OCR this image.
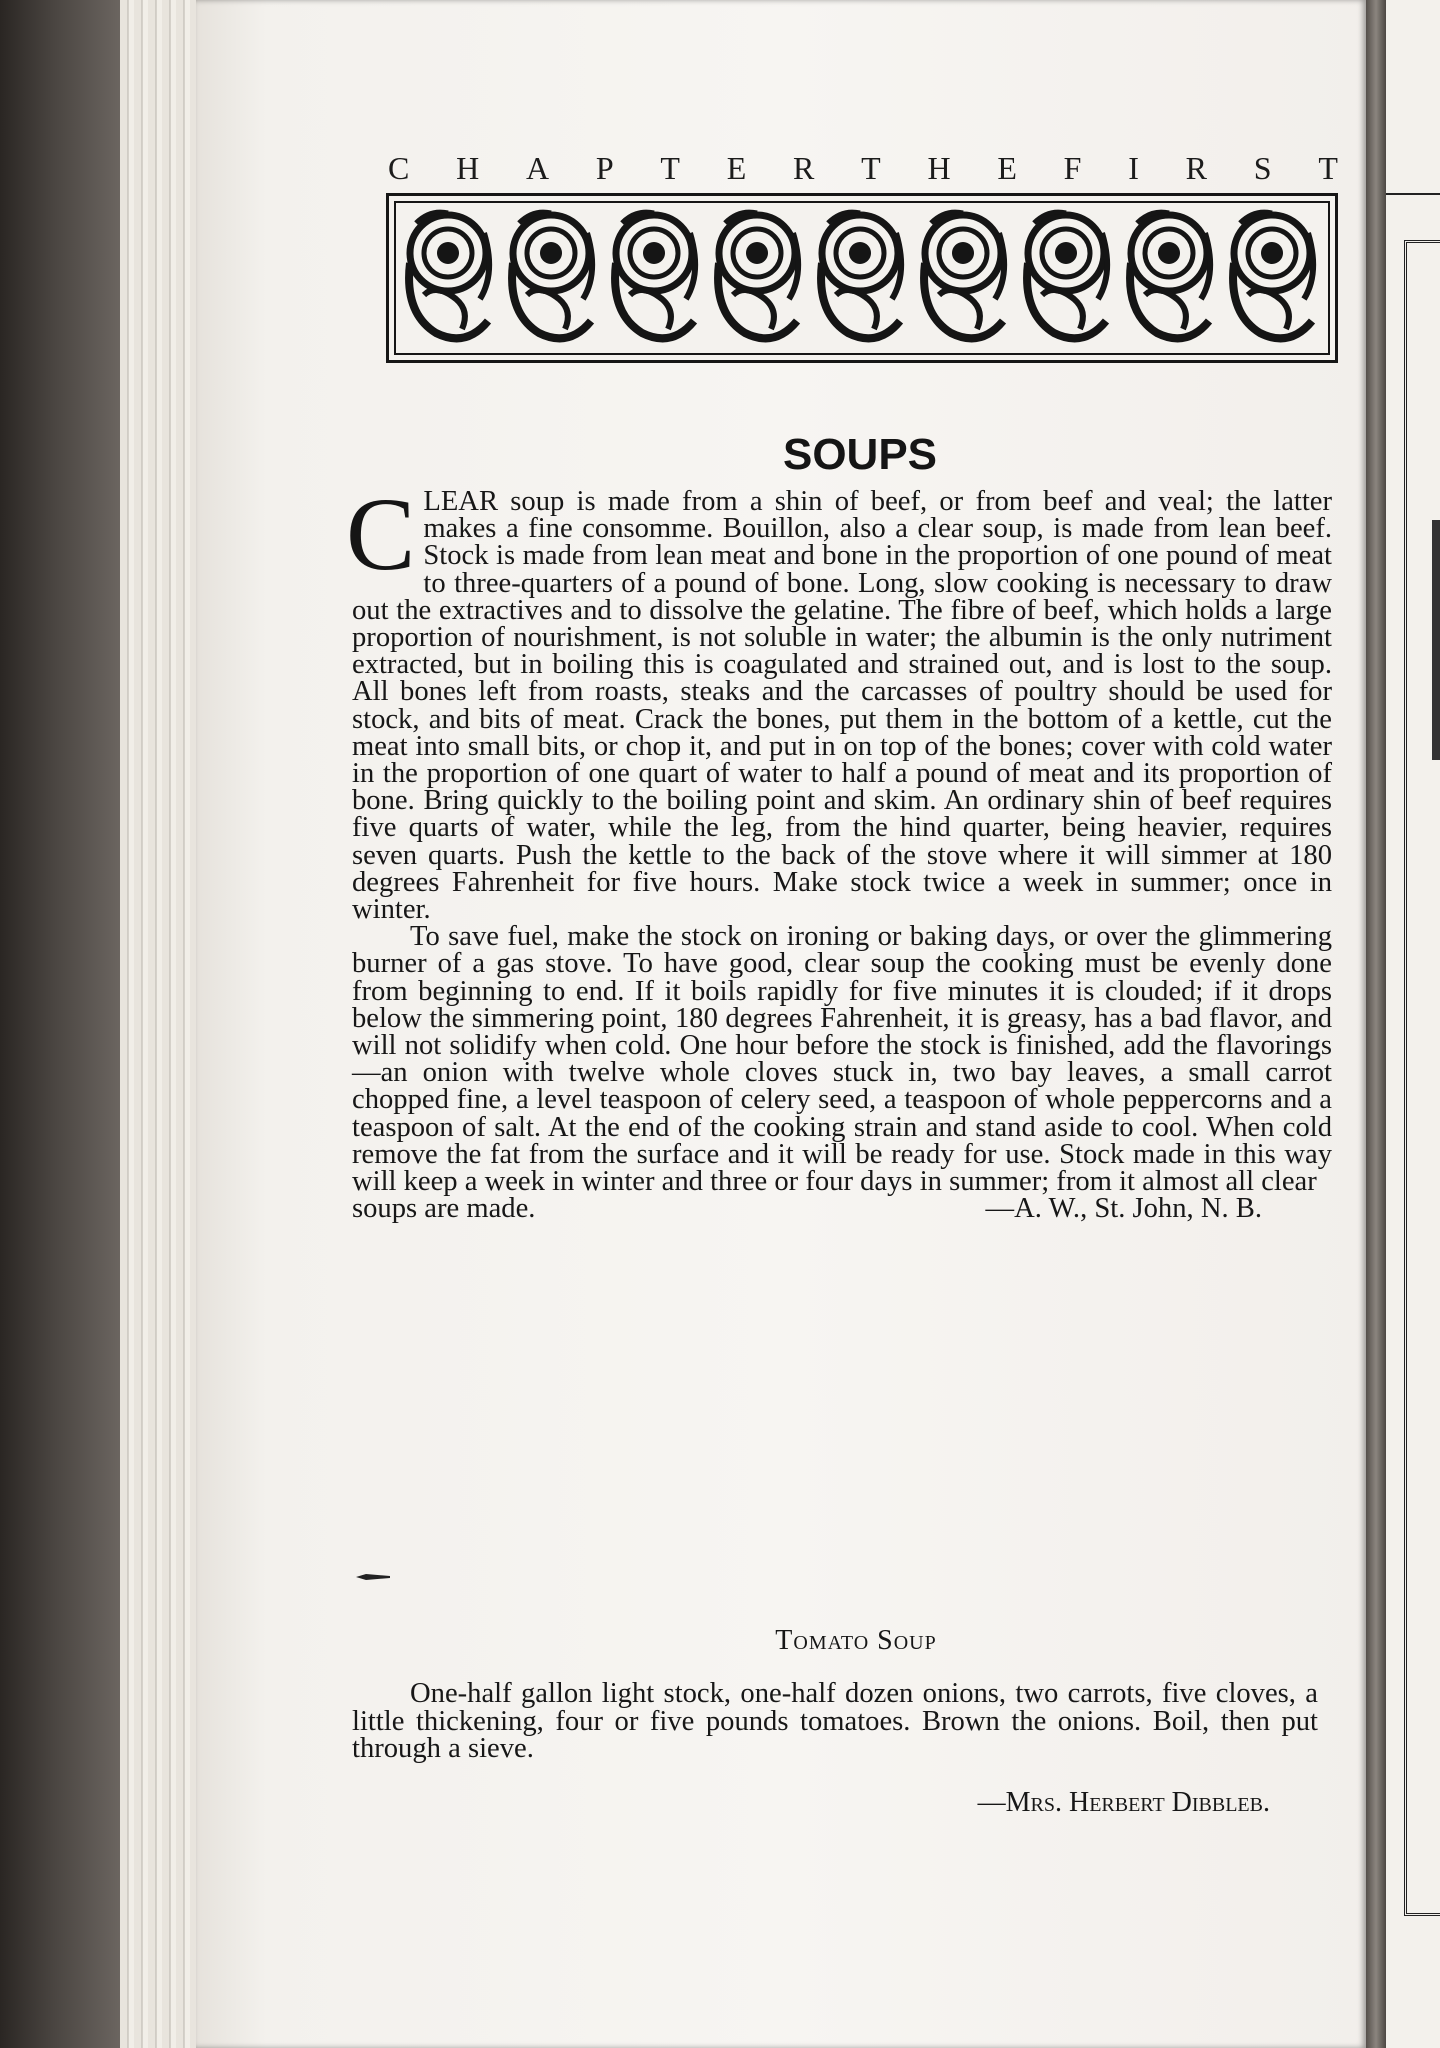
C H A P T E R T H E F I R S T
SOUPS

CLEAR soup is made from a shin of beef, or from beef and veal; the latter makes a fine consomme. Bouillon, also a clear soup, is made from lean beef. Stock is made from lean meat and bone in the proportion of one pound of meat to three-quarters of a pound of bone. Long, slow cooking is necessary to draw out the extractives and to dissolve the gelatine. The fibre of beef, which holds a large proportion of nourishment, is not soluble in water; the albumin is the only nutriment extracted, but in boiling this is coagulated and strained out, and is lost to the soup. All bones left from roasts, steaks and the carcasses of poultry should be used for stock, and bits of meat. Crack the bones, put them in the bottom of a kettle, cut the meat into small bits, or chop it, and put in on top of the bones; cover with cold water in the proportion of one quart of water to half a pound of meat and its proportion of bone. Bring quickly to the boiling point and skim. An ordinary shin of beef requires five quarts of water, while the leg, from the hind quarter, being heavier, requires seven quarts. Push the kettle to the back of the stove where it will simmer at 180 degrees Fahrenheit for five hours. Make stock twice a week in summer; once in winter.

To save fuel, make the stock on ironing or baking days, or over the glimmering burner of a gas stove. To have good, clear soup the cooking must be evenly done from beginning to end. If it boils rapidly for five minutes it is clouded; if it drops below the simmering point, 180 degrees Fahrenheit, it is greasy, has a bad flavor, and will not solidify when cold. One hour before the stock is finished, add the flavorings—an onion with twelve whole cloves stuck in, two bay leaves, a small carrot chopped fine, a level teaspoon of celery seed, a teaspoon of whole peppercorns and a teaspoon of salt. At the end of the cooking strain and stand aside to cool. When cold remove the fat from the surface and it will be ready for use. Stock made in this way will keep a week in winter and three or four days in summer; from it almost all clear

soups are made.	—A. W., St. John, N. B.
Tomato Soup

One-half gallon light stock, one-half dozen onions, two carrots, five cloves, a little thickening, four or five pounds tomatoes. Brown the onions. Boil, then put through a sieve.

—Mrs. Herbert Dibbleb.
